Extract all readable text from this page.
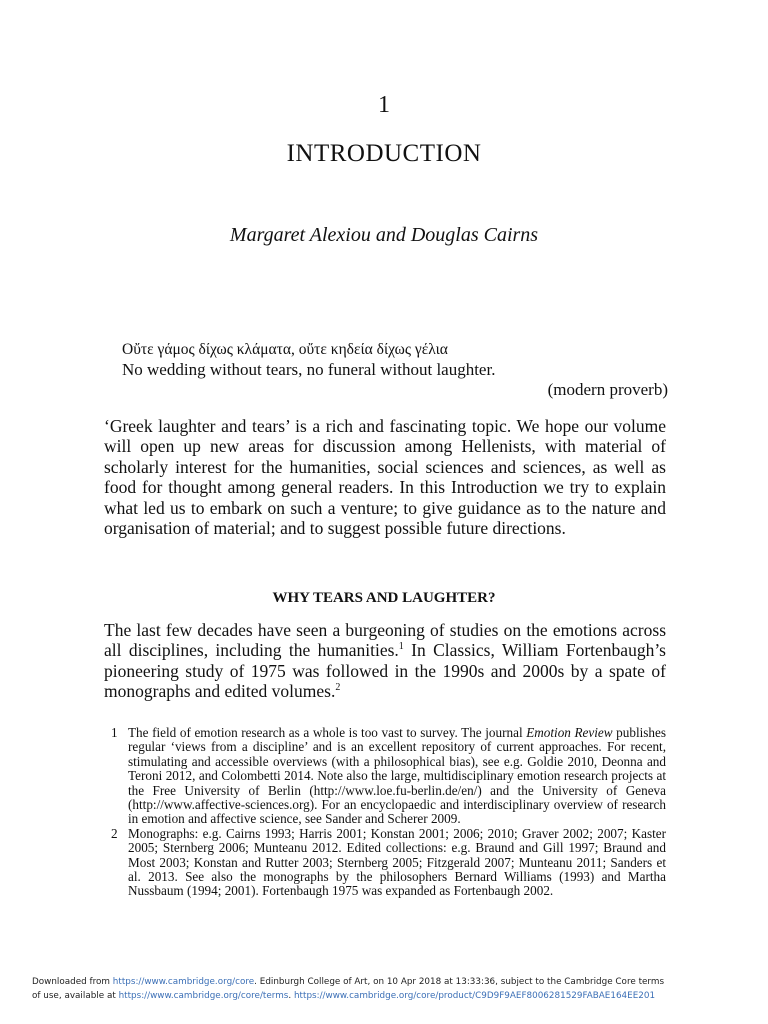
1
INTRODUCTION
Margaret Alexiou and Douglas Cairns
Οὔτε γάμος δίχως κλάματα, οὔτε κηδεία δίχως γέλια
No wedding without tears, no funeral without laughter.
(modern proverb)
‘Greek laughter and tears’ is a rich and fascinating topic. We hope our volume will open up new areas for discussion among Hellenists, with material of scholarly interest for the humanities, social sciences and sciences, as well as food for thought among general readers. In this Introduction we try to explain what led us to embark on such a venture; to give guidance as to the nature and organisation of material; and to suggest possible future directions.
WHY TEARS AND LAUGHTER?
The last few decades have seen a burgeoning of studies on the emotions across all disciplines, including the humanities.$^1$ In Classics, William Fortenbaugh’s pioneering study of 1975 was followed in the 1990s and 2000s by a spate of monographs and edited volumes.$^2$
1 The field of emotion research as a whole is too vast to survey. The journal Emotion Review publishes regular ‘views from a discipline’ and is an excellent repository of current approaches. For recent, stimulating and accessible overviews (with a philosophical bias), see e.g. Goldie 2010, Deonna and Teroni 2012, and Colombetti 2014. Note also the large, multidisciplinary emotion research projects at the Free University of Berlin (http://www.loe.fu-berlin.de/en/) and the University of Geneva (http://www.affective-sciences.org). For an encyclopaedic and interdisciplinary overview of research in emotion and affective science, see Sander and Scherer 2009.
2 Monographs: e.g. Cairns 1993; Harris 2001; Konstan 2001; 2006; 2010; Graver 2002; 2007; Kaster 2005; Sternberg 2006; Munteanu 2012. Edited collections: e.g. Braund and Gill 1997; Braund and Most 2003; Konstan and Rutter 2003; Sternberg 2005; Fitzgerald 2007; Munteanu 2011; Sanders et al. 2013. See also the monographs by the philosophers Bernard Williams (1993) and Martha Nussbaum (1994; 2001). Fortenbaugh 1975 was expanded as Fortenbaugh 2002.
Downloaded from https://www.cambridge.org/core. Edinburgh College of Art, on 10 Apr 2018 at 13:33:36, subject to the Cambridge Core terms
of use, available at https://www.cambridge.org/core/terms. https://www.cambridge.org/core/product/C9D9F9AEF8006281529FABAE164EE201
